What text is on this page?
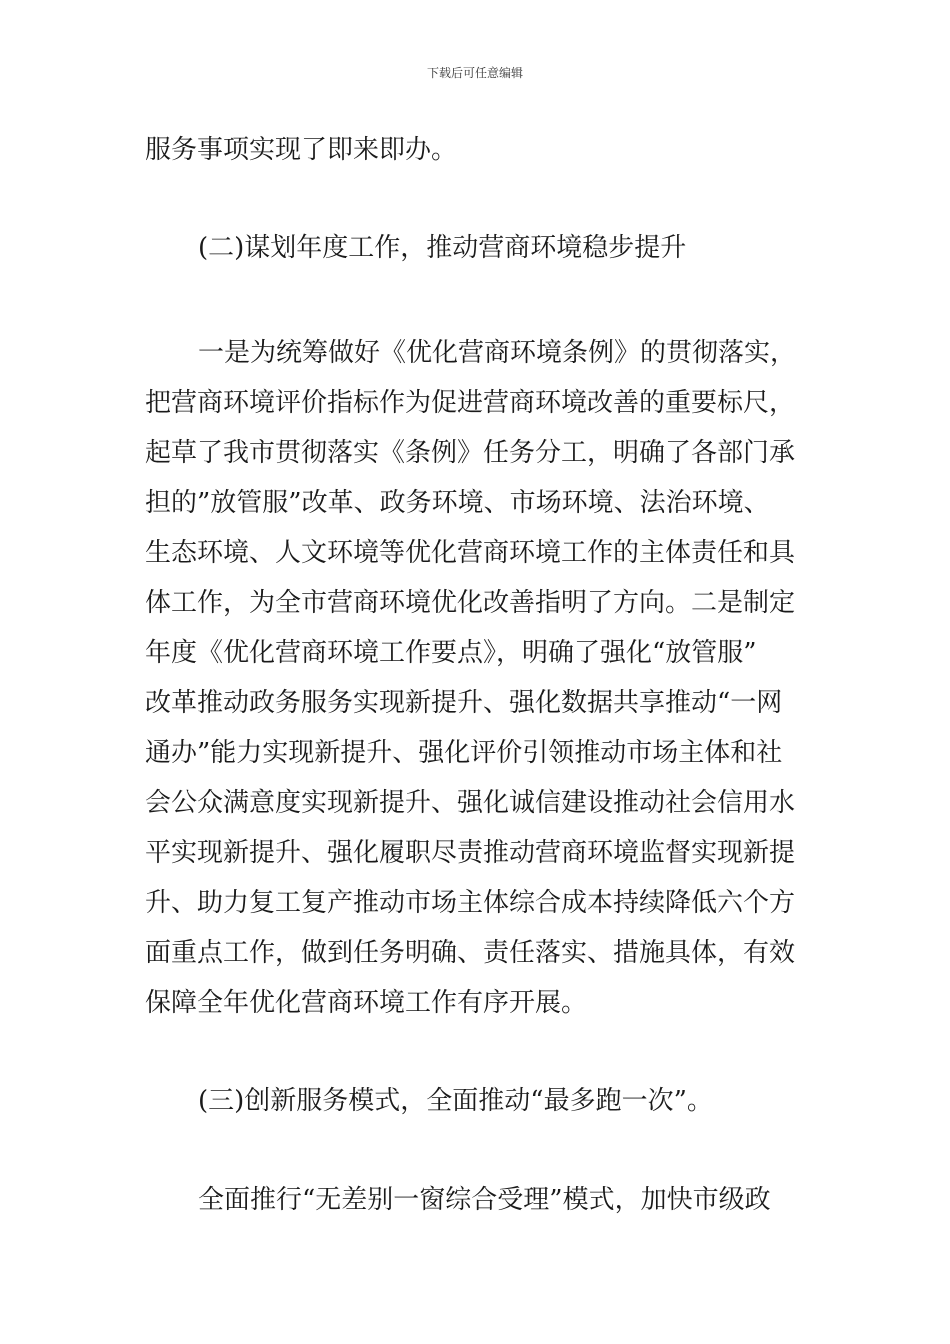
下载后可任意编辑
服务事项实现了即来即办。
(二)谋划年度工作，推动营商环境稳步提升
一是为统筹做好《优化营商环境条例》的贯彻落实，
把营商环境评价指标作为促进营商环境改善的重要标尺，
起草了我市贯彻落实《条例》任务分工，明确了各部门承
担的”放管服”改革、政务环境、市场环境、法治环境、
生态环境、人文环境等优化营商环境工作的主体责任和具
体工作，为全市营商环境优化改善指明了方向。二是制定
年度《优化营商环境工作要点》，明确了强化“放管服”
改革推动政务服务实现新提升、强化数据共享推动“一网
通办”能力实现新提升、强化评价引领推动市场主体和社
会公众满意度实现新提升、强化诚信建设推动社会信用水
平实现新提升、强化履职尽责推动营商环境监督实现新提
升、助力复工复产推动市场主体综合成本持续降低六个方
面重点工作，做到任务明确、责任落实、措施具体，有效
保障全年优化营商环境工作有序开展。
(三)创新服务模式，全面推动“最多跑一次”。
全面推行“无差别一窗综合受理”模式，加快市级政
